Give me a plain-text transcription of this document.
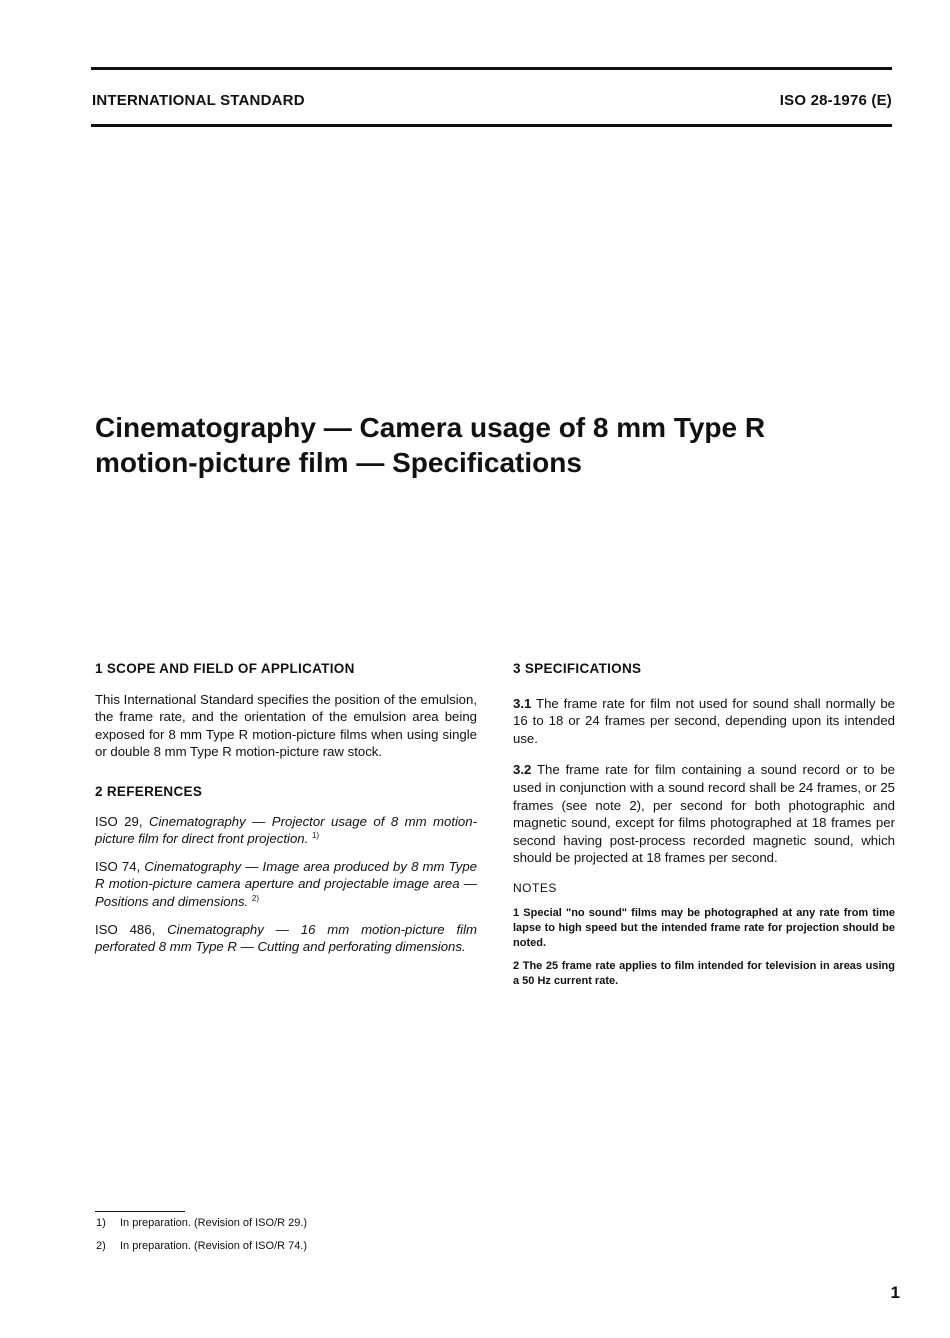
INTERNATIONAL STANDARD	ISO 28-1976 (E)
Cinematography — Camera usage of 8 mm Type R
motion-picture film — Specifications

1 SCOPE AND FIELD OF APPLICATION

This International Standard specifies the position of the emulsion, the frame rate, and the orientation of the emulsion area being exposed for 8 mm Type R motion-picture films when using single or double 8 mm Type R motion-picture raw stock.

2 REFERENCES

ISO 29, Cinematography — Projector usage of 8 mm motion-picture film for direct front projection. $^{1)}$

ISO 74, Cinematography — Image area produced by 8 mm Type R motion-picture camera aperture and projectable image area — Positions and dimensions. $^{2)}$

ISO 486, Cinematography — 16 mm motion-picture film perforated 8 mm Type R — Cutting and perforating dimensions.

3 SPECIFICATIONS

3.1 The frame rate for film not used for sound shall normally be 16 to 18 or 24 frames per second, depending upon its intended use.

3.2 The frame rate for film containing a sound record or to be used in conjunction with a sound record shall be 24 frames, or 25 frames (see note 2), per second for both photographic and magnetic sound, except for films photographed at 18 frames per second having post-process recorded magnetic sound, which should be projected at 18 frames per second.

NOTES

1 Special "no sound" films may be photographed at any rate from time lapse to high speed but the intended frame rate for projection should be noted.

2 The 25 frame rate applies to film intended for television in areas using a 50 Hz current rate.

1) In preparation. (Revision of ISO/R 29.)
2) In preparation. (Revision of ISO/R 74.)
1
